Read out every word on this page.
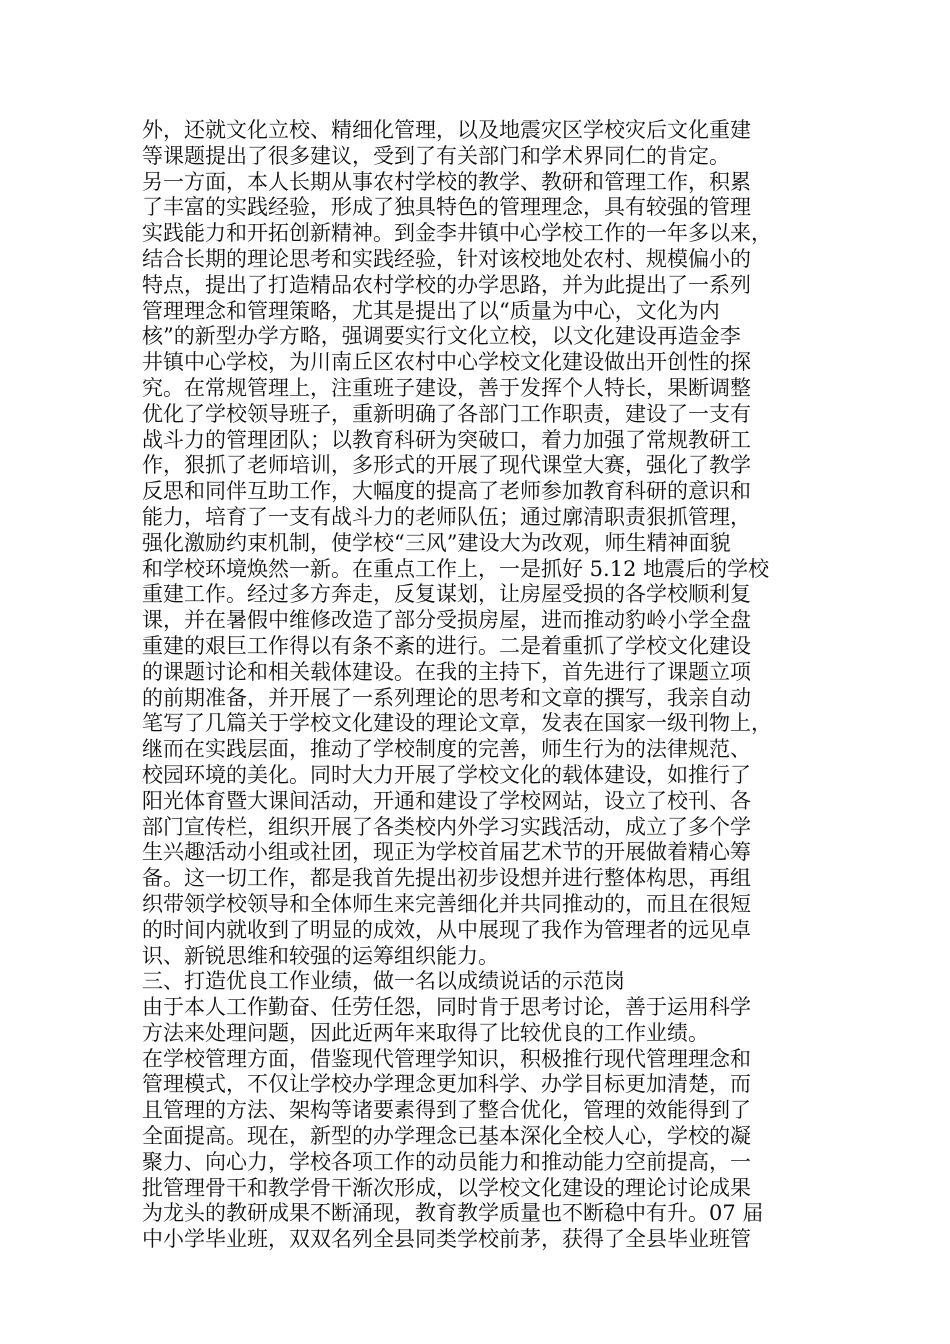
外，还就文化立校、精细化管理，以及地震灾区学校灾后文化重建
等课题提出了很多建议，受到了有关部门和学术界同仁的肯定。
另一方面，本人长期从事农村学校的教学、教研和管理工作，积累
了丰富的实践经验，形成了独具特色的管理理念，具有较强的管理
实践能力和开拓创新精神。到金李井镇中心学校工作的一年多以来，
结合长期的理论思考和实践经验，针对该校地处农村、规模偏小的
特点，提出了打造精品农村学校的办学思路，并为此提出了一系列
管理理念和管理策略，尤其是提出了以“质量为中心，文化为内
核”的新型办学方略，强调要实行文化立校，以文化建设再造金李
井镇中心学校，为川南丘区农村中心学校文化建设做出开创性的探
究。在常规管理上，注重班子建设，善于发挥个人特长，果断调整
优化了学校领导班子，重新明确了各部门工作职责，建设了一支有
战斗力的管理团队；以教育科研为突破口，着力加强了常规教研工
作，狠抓了老师培训，多形式的开展了现代课堂大赛，强化了教学
反思和同伴互助工作，大幅度的提高了老师参加教育科研的意识和
能力，培育了一支有战斗力的老师队伍；通过廓清职责狠抓管理，
强化激励约束机制，使学校“三风”建设大为改观，师生精神面貌
和学校环境焕然一新。在重点工作上，一是抓好 5.12 地震后的学校
重建工作。经过多方奔走，反复谋划，让房屋受损的各学校顺利复
课，并在暑假中维修改造了部分受损房屋，进而推动豹岭小学全盘
重建的艰巨工作得以有条不紊的进行。二是着重抓了学校文化建设
的课题讨论和相关载体建设。在我的主持下，首先进行了课题立项
的前期准备，并开展了一系列理论的思考和文章的撰写，我亲自动
笔写了几篇关于学校文化建设的理论文章，发表在国家一级刊物上，
继而在实践层面，推动了学校制度的完善，师生行为的法律规范、
校园环境的美化。同时大力开展了学校文化的载体建设，如推行了
阳光体育暨大课间活动，开通和建设了学校网站，设立了校刊、各
部门宣传栏，组织开展了各类校内外学习实践活动，成立了多个学
生兴趣活动小组或社团，现正为学校首届艺术节的开展做着精心筹
备。这一切工作，都是我首先提出初步设想并进行整体构思，再组
织带领学校领导和全体师生来完善细化并共同推动的，而且在很短
的时间内就收到了明显的成效，从中展现了我作为管理者的远见卓
识、新锐思维和较强的运筹组织能力。
三、打造优良工作业绩，做一名以成绩说话的示范岗
由于本人工作勤奋、任劳任怨，同时肯于思考讨论，善于运用科学
方法来处理问题，因此近两年来取得了比较优良的工作业绩。
在学校管理方面，借鉴现代管理学知识，积极推行现代管理理念和
管理模式，不仅让学校办学理念更加科学、办学目标更加清楚，而
且管理的方法、架构等诸要素得到了整合优化，管理的效能得到了
全面提高。现在，新型的办学理念已基本深化全校人心，学校的凝
聚力、向心力，学校各项工作的动员能力和推动能力空前提高，一
批管理骨干和教学骨干渐次形成，以学校文化建设的理论讨论成果
为龙头的教研成果不断涌现，教育教学质量也不断稳中有升。07 届
中小学毕业班，双双名列全县同类学校前茅，获得了全县毕业班管
